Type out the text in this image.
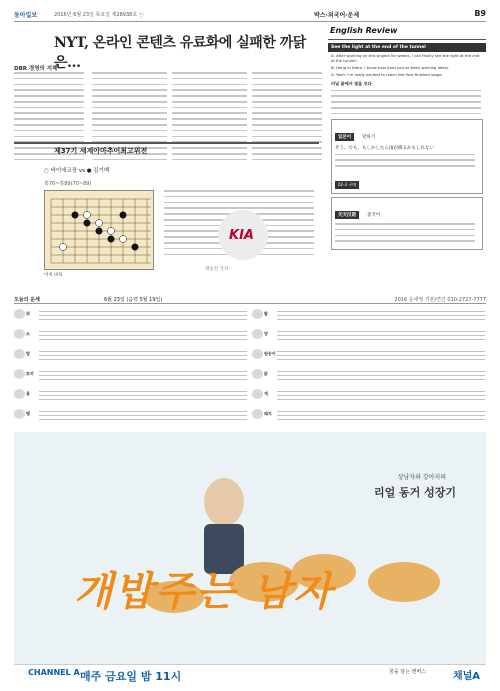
동아일보	2016년 6월 23일 목요일 제28938호 ⓢ	박스·외국어·운세	B9
NYT, 온라인 콘텐츠 유료화에 실패한 까닭은…
DBR 경영의 지혜
제37기 세계아마추어최고위전
○ 바이에코장 vs ● 김기백
흑70~흑89(70~89)
이치 바둑
KIA
곽승진 기자
English Review
See the light at the end of the tunnel
A: After working on this project for weeks, I can finally see the light at the end of the tunnel!
B: Hang in there. I know how hard you've been working lately.
A: Yeah, I'm really excited to reach the final finished stage.
터널 끝에서 빛을 보다
일본어 말하기
そう、でも、もしかしたら雨が降るかもしれない
02-3 구매
天天汉语 중국어
오늘의 운세	6월 23일 (음력 5월 19일)	2016 운세영 기본/연간 010-2727-7777
쥐
소
범
토끼
용
뱀
말
양
원숭이
닭
개
돼지
상남자와 강아지의
리얼 동거 성장기
개밥주는 남자
CHANNEL A 매주 금요일 밤 11시	꿈을 담는 캔버스	채널A
